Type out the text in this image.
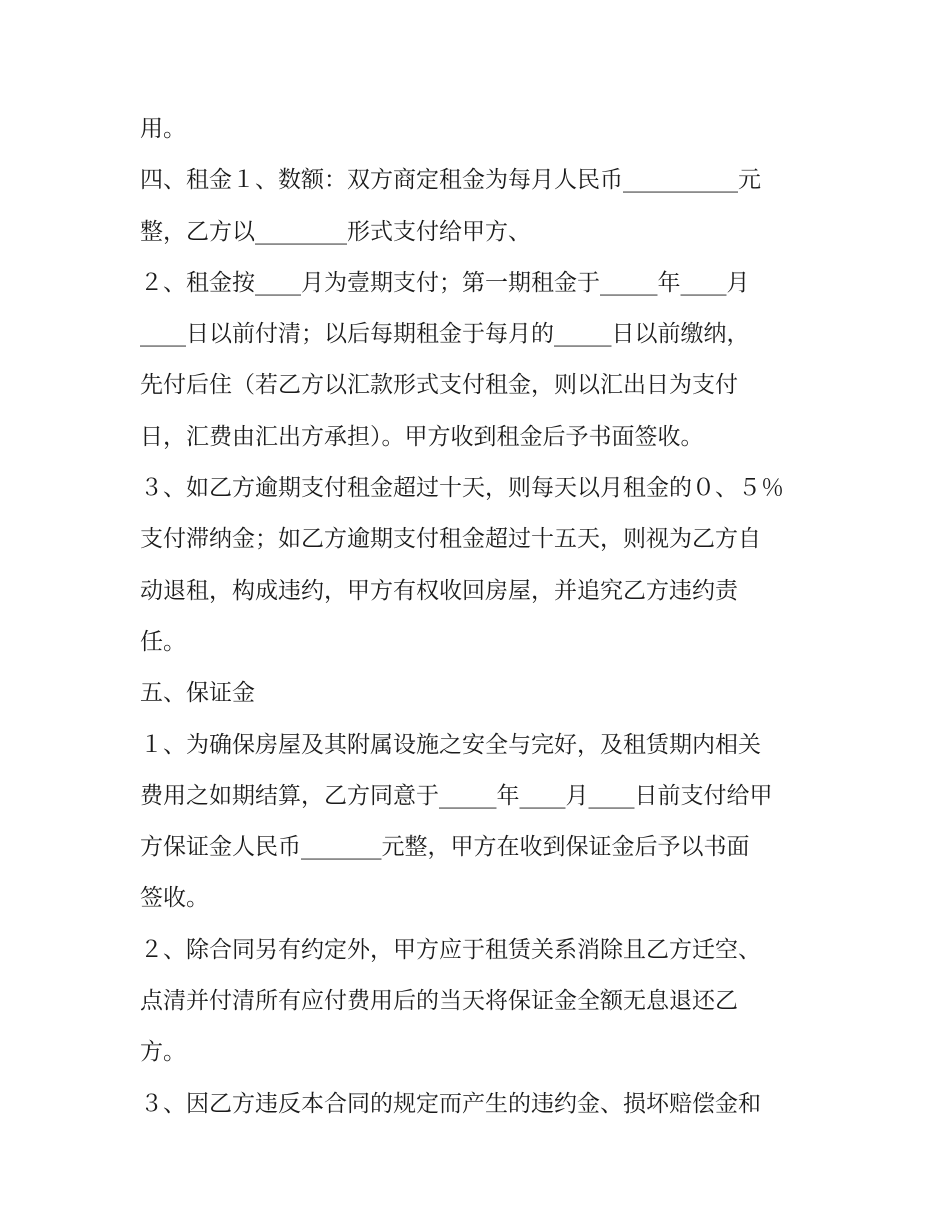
用。
四、租金１、数额：双方商定租金为每月人民币__________元
整，乙方以________形式支付给甲方、
２、租金按____月为壹期支付；第一期租金于_____年____月
____日以前付清；以后每期租金于每月的_____日以前缴纳，
先付后住（若乙方以汇款形式支付租金，则以汇出日为支付
日，汇费由汇出方承担）。甲方收到租金后予书面签收。
３、如乙方逾期支付租金超过十天，则每天以月租金的０、５％
支付滞纳金；如乙方逾期支付租金超过十五天，则视为乙方自
动退租，构成违约，甲方有权收回房屋，并追究乙方违约责
任。
五、保证金
１、为确保房屋及其附属设施之安全与完好，及租赁期内相关
费用之如期结算，乙方同意于_____年____月____日前支付给甲
方保证金人民币_______元整，甲方在收到保证金后予以书面
签收。
２、除合同另有约定外，甲方应于租赁关系消除且乙方迁空、
点清并付清所有应付费用后的当天将保证金全额无息退还乙
方。
３、因乙方违反本合同的规定而产生的违约金、损坏赔偿金和
